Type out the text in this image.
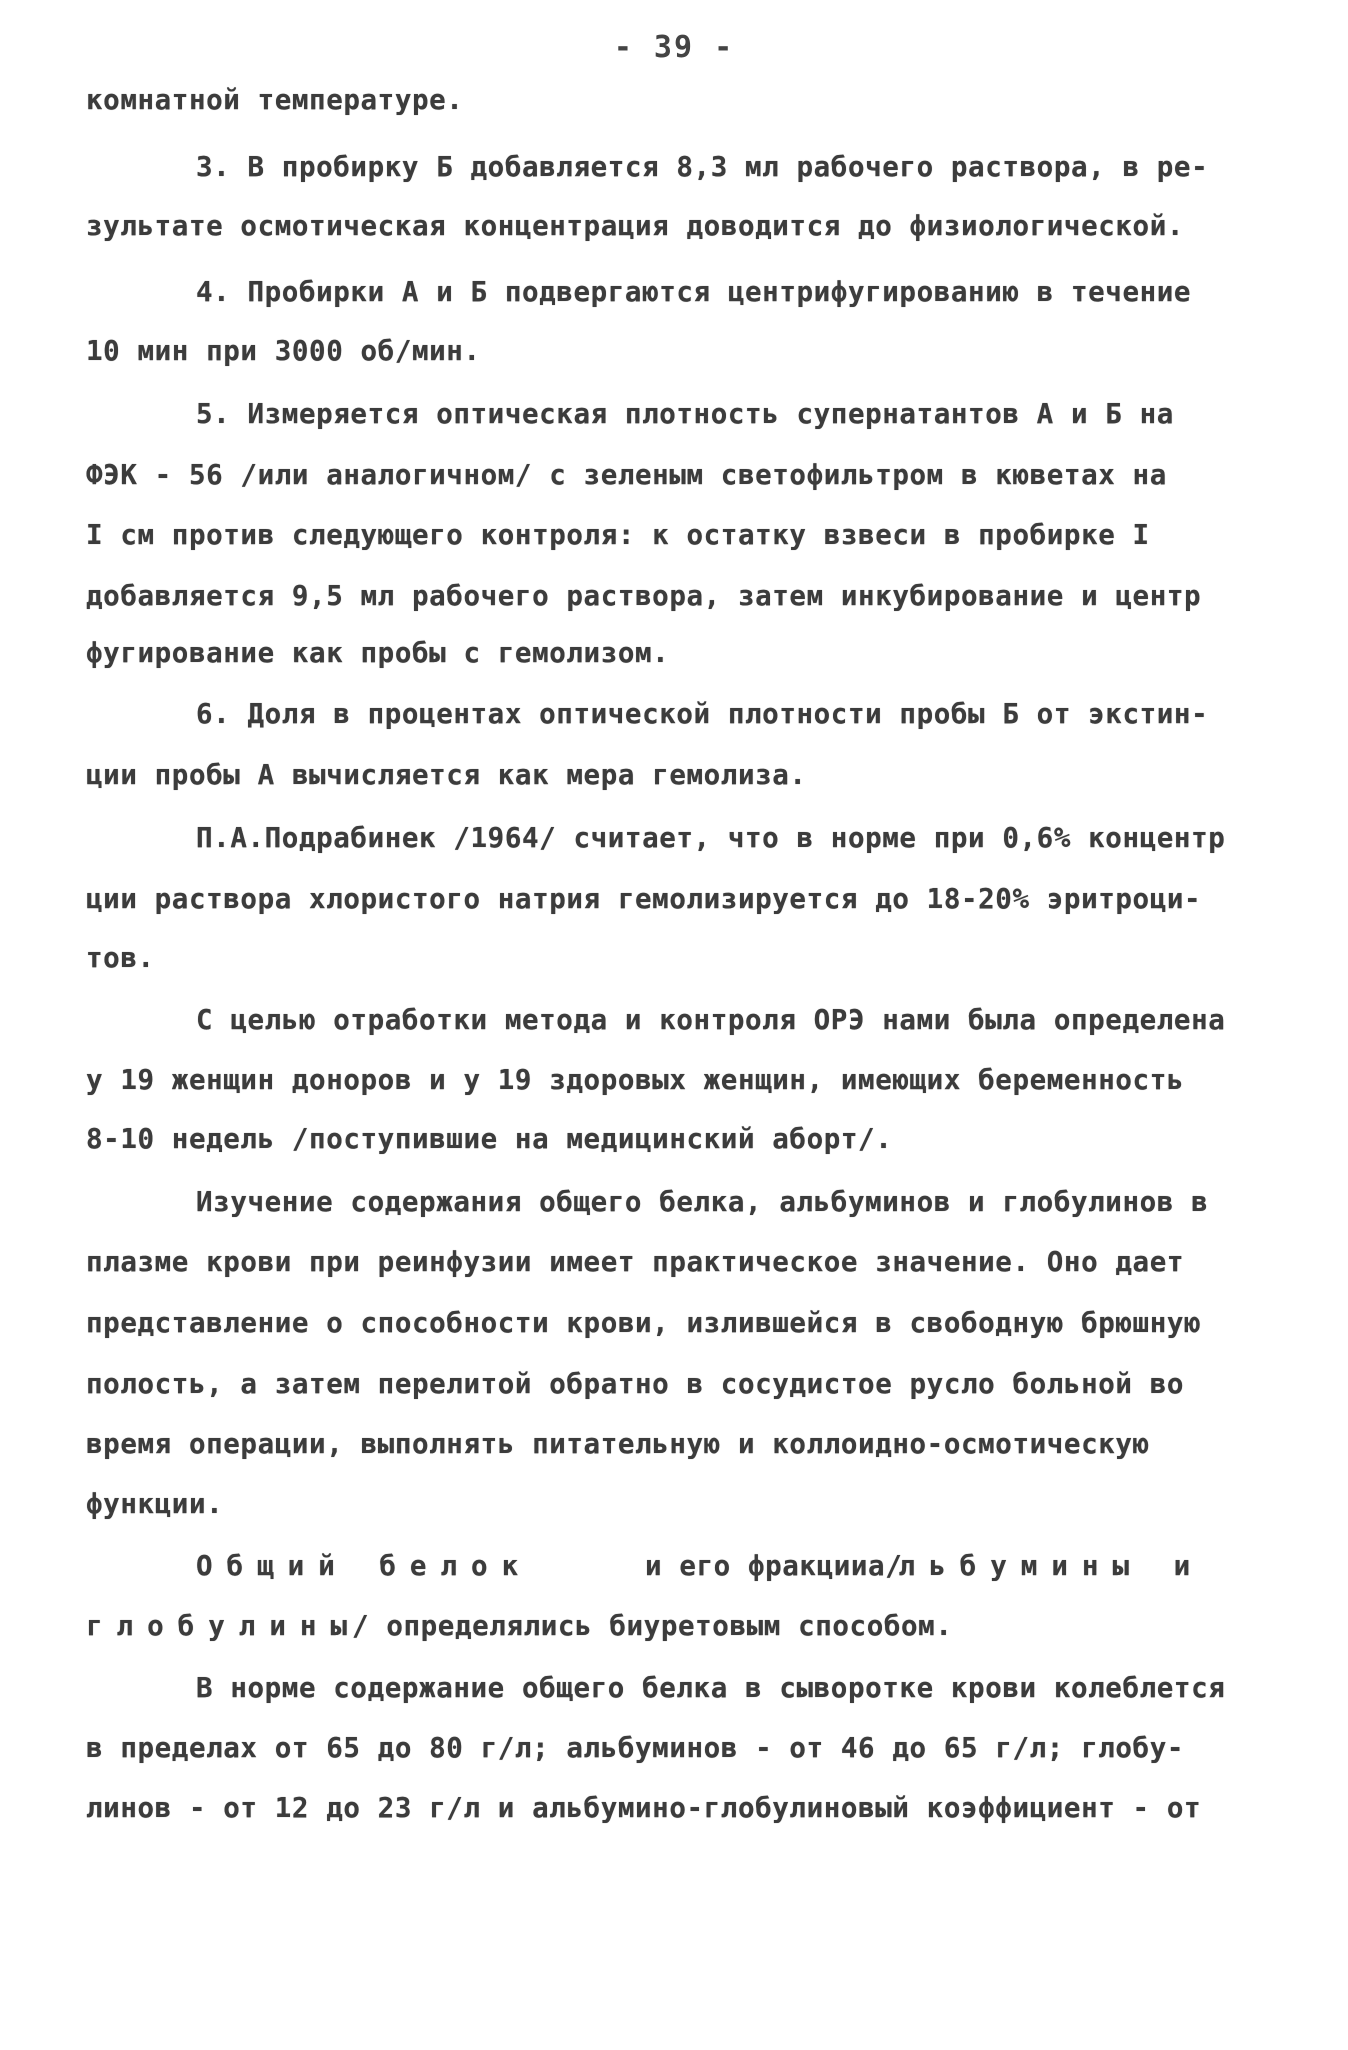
- 39 -
комнатной температуре.
3. В пробирку Б добавляется 8,3 мл рабочего раствора, в ре-
зультате осмотическая концентрация доводится до физиологической.
4. Пробирки А и Б подвергаются центрифугированию в течение
10 мин при 3000 об/мин.
5. Измеряется оптическая плотность супернатантов А и Б на
ФЭК - 56 /или аналогичном/ с зеленым светофильтром в кюветах на
I см против следующего контроля: к остатку взвеси в пробирке I
добавляется 9,5 мл рабочего раствора, затем инкубирование и центр
фугирование как пробы с гемолизом.
6. Доля в процентах оптической плотности пробы Б от экстин-
ции пробы А вычисляется как мера гемолиза.
П.А.Подрабинек /1964/ считает, что в норме при 0,6% концентр
ции раствора хлористого натрия гемолизируется до 18-20% эритроци-
тов.
С целью отработки метода и контроля ОРЭ нами была определена
у 19 женщин доноров и у 19 здоровых женщин, имеющих беременность
8-10 недель /поступившие на медицинский аборт/.
Изучение содержания общего белка, альбуминов и глобулинов в
плазме крови при реинфузии имеет практическое значение. Оно дает
представление о способности крови, излившейся в свободную брюшную
полость, а затем перелитой обратно в сосудистое русло больной во
время операции, выполнять питательную и коллоидно-осмотическую
функции.
Общий белок	и его фракции /
альбумины и
глобулины
/ определялись биуретовым способом.
В норме содержание общего белка в сыворотке крови колеблется
в пределах от 65 до 80 г/л; альбуминов - от 46 до 65 г/л; глобу-
линов - от 12 до 23 г/л и альбумино-глобулиновый коэффициент - от
